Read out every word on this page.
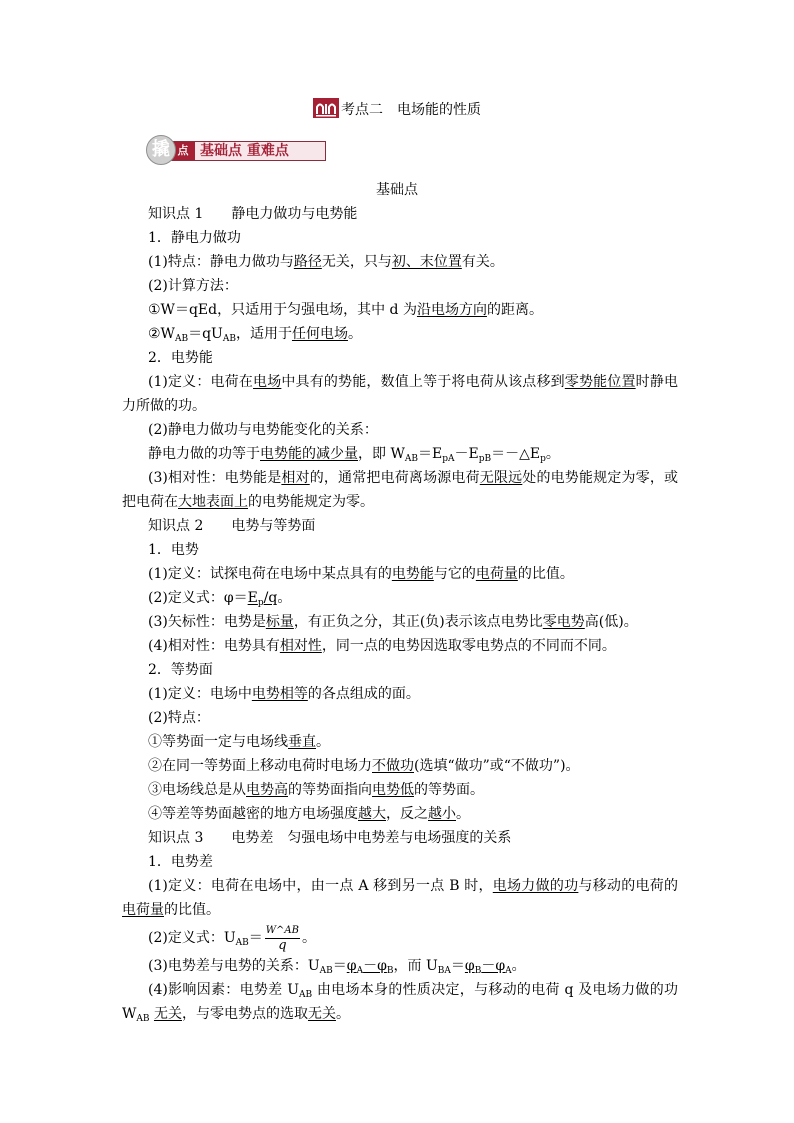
考点二　电场能的性质
点
撬	基础点 重难点
基础点

知识点 1 静电力做功与电势能

1．静电力做功

(1)特点：静电力做功与路径无关，只与初、末位置有关。

(2)计算方法：

①W＝qEd，只适用于匀强电场，其中 d 为沿电场方向的距离。

$②W_{AB}=qU_{AB}$，适用于任何电场。

2．电势能

(1)定义：电荷在电场中具有的势能，数值上等于将电荷从该点移到零势能位置时静电力所做的功。

(2)静电力做功与电势能变化的关系：

静电力做的功等于电势能的减少量，即 $W_{AB}=E_{pA}-E_{pB}=-\triangle E_p$。

(3)相对性：电势能是相对的，通常把电荷离场源电荷无限远处的电势能规定为零，或把电荷在大地表面上的电势能规定为零。

知识点 2 电势与等势面

1．电势

(1)定义：试探电荷在电场中某点具有的电势能与它的电荷量的比值。

(2)定义式：$\varphi=E_p/q$。

(3)矢标性：电势是标量，有正负之分，其正(负)表示该点电势比零电势高(低)。

(4)相对性：电势具有相对性，同一点的电势因选取零电势点的不同而不同。

2．等势面

(1)定义：电场中电势相等的各点组成的面。

(2)特点：

①等势面一定与电场线垂直。

②在同一等势面上移动电荷时电场力不做功(选填“做功”或“不做功”)。

③电场线总是从电势高的等势面指向电势低的等势面。

④等差等势面越密的地方电场强度越大，反之越小。

知识点 3 电势差　匀强电场中电势差与电场强度的关系

1．电势差

(1)定义：电荷在电场中，由一点 A 移到另一点 B 时，电场力做的功与移动的电荷的电荷量的比值。

(2)定义式：$U_{AB}= \frac{W\^{}AB}{q}$ 。

(3)电势差与电势的关系：$U_{AB}=\varphi_A-\varphi_B$，而 $U_{BA}=\varphi_B-\varphi_A$。

(4)影响因素：电势差 $U_{AB}$ 由电场本身的性质决定，与移动的电荷 q 及电场力做的功 $W_{AB}$ 无关，与零电势点的选取无关。
